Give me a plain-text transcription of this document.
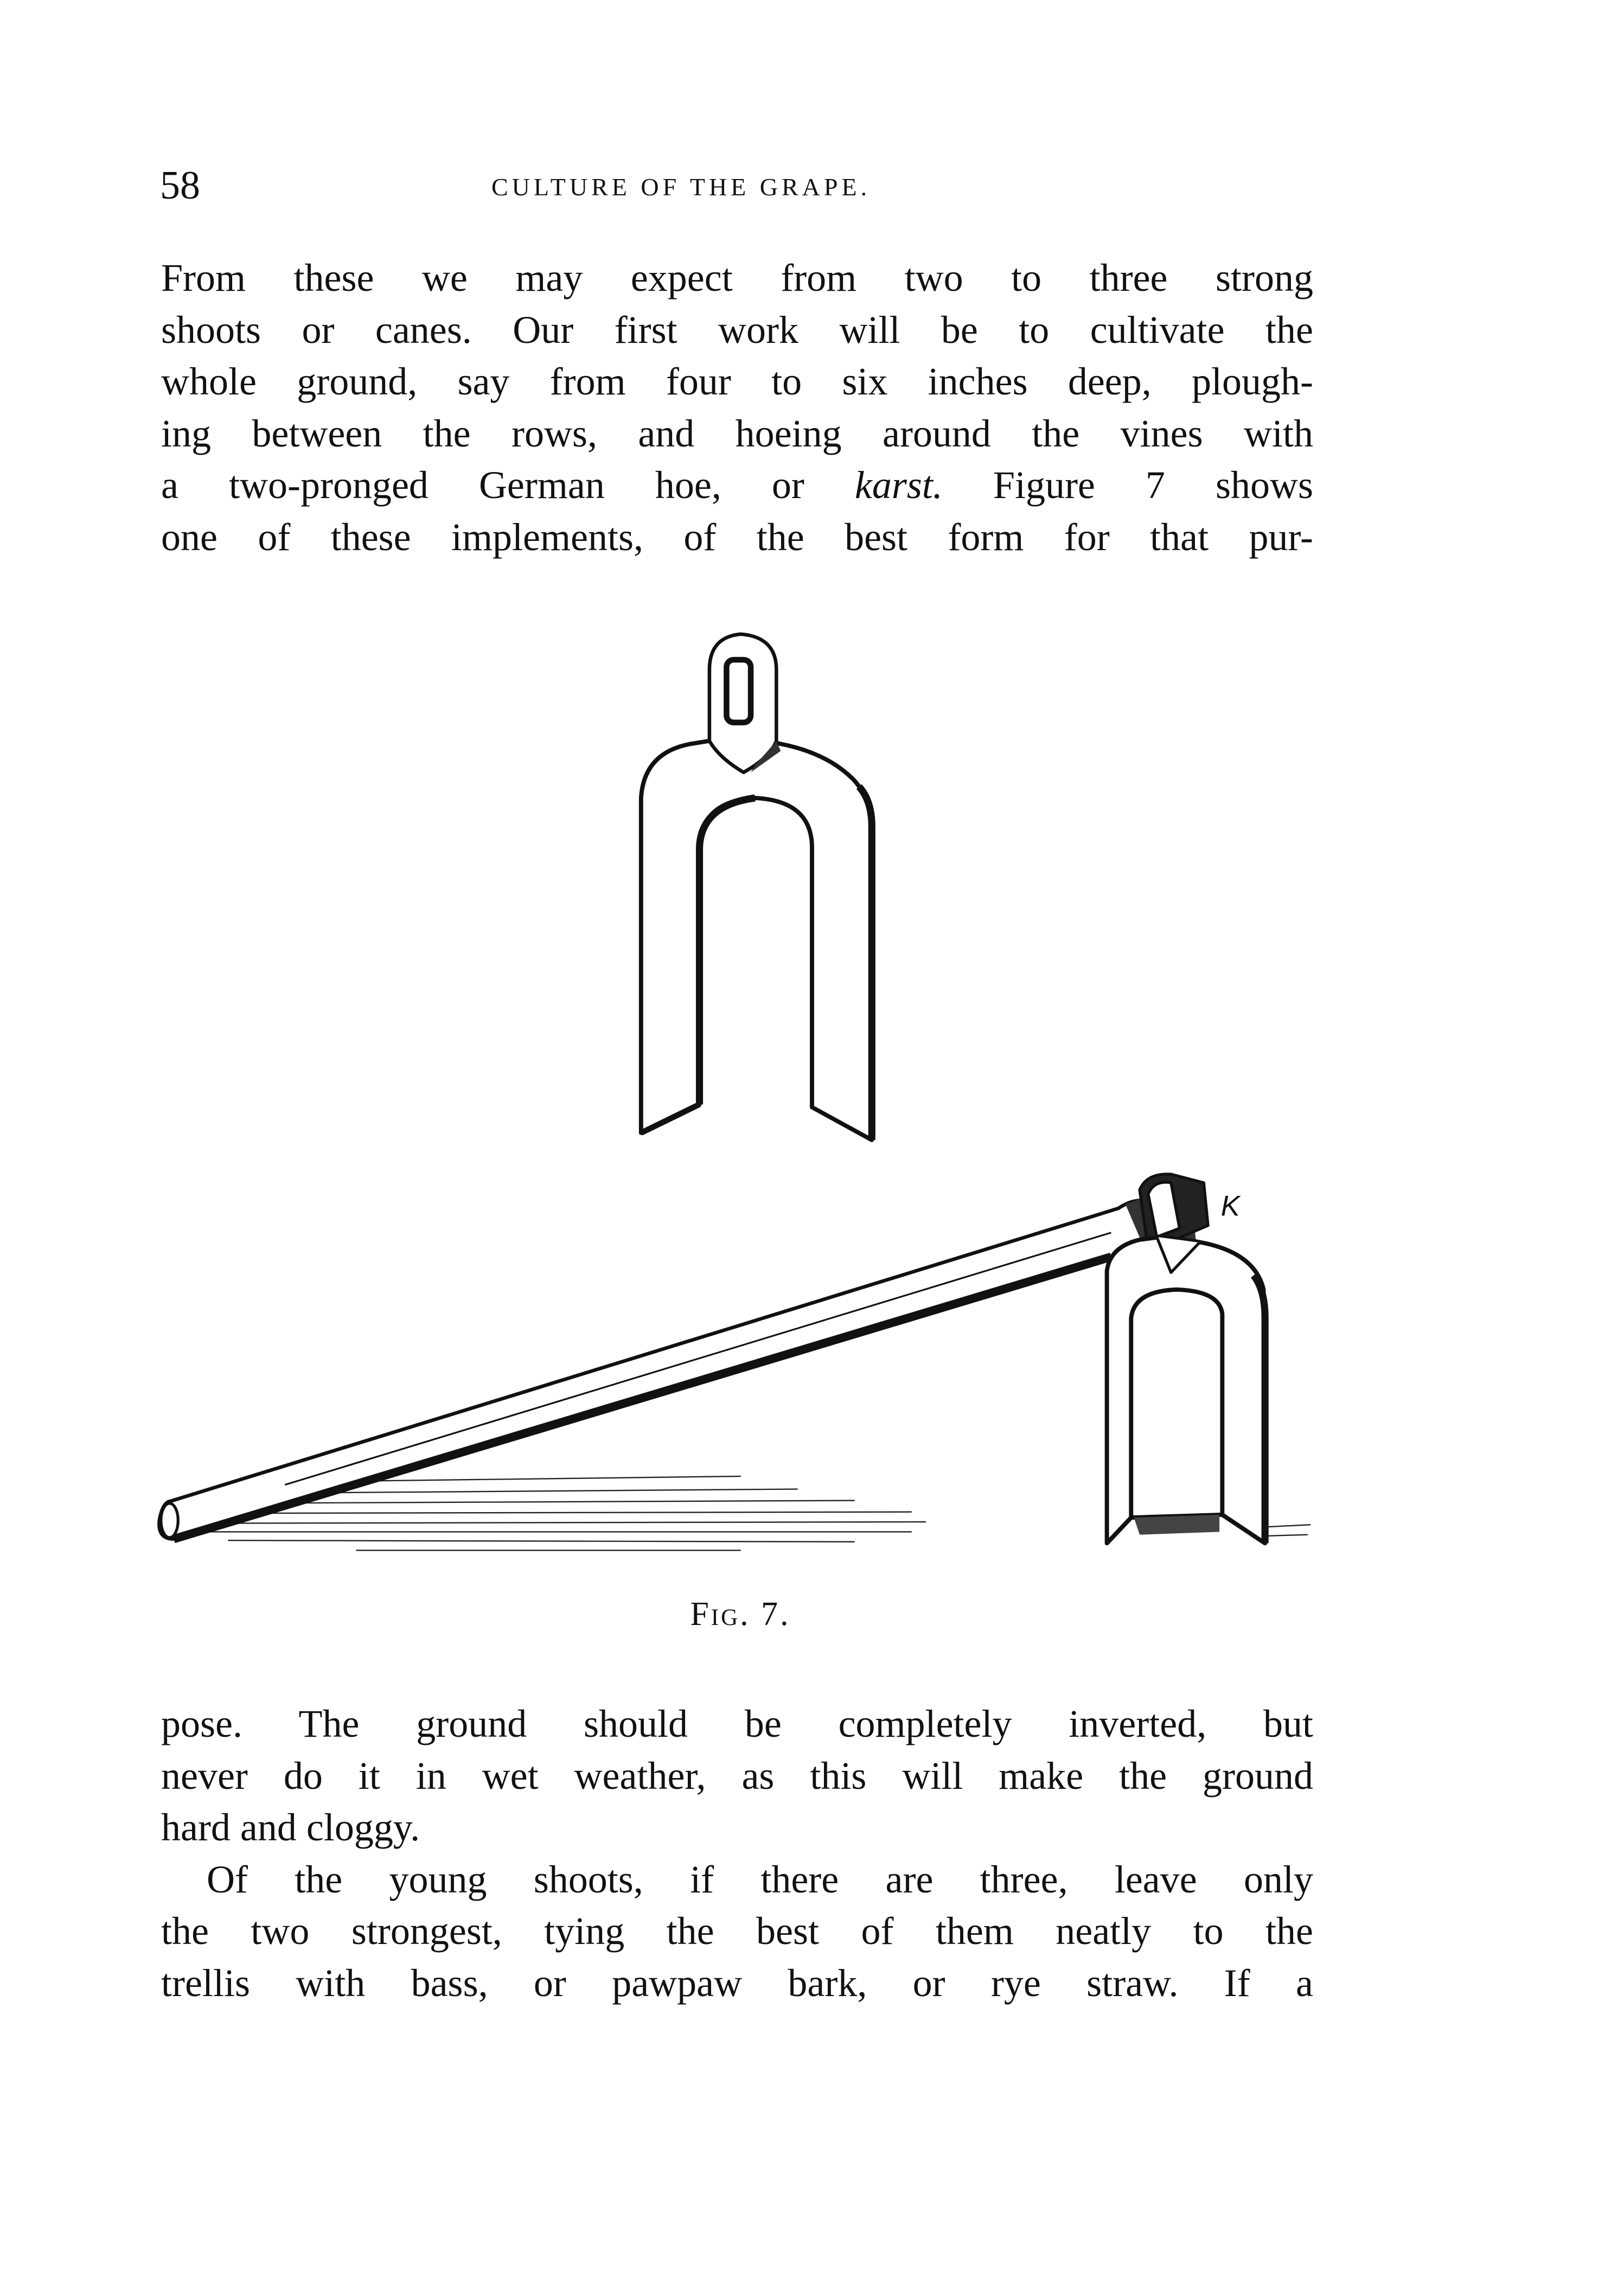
58	CULTURE OF THE GRAPE.
From these we may expect from two to three strong
shoots or canes. Our first work will be to cultivate the
whole ground, say from four to six inches deep, plough-
ing between the rows, and hoeing around the vines with
a two-pronged German hoe, or karst. Figure 7 shows
one of these implements, of the best form for that pur-
K
Fig. 7.
pose. The ground should be completely inverted, but
never do it in wet weather, as this will make the ground
hard and cloggy.
Of the young shoots, if there are three, leave only
the two strongest, tying the best of them neatly to the
trellis with bass, or pawpaw bark, or rye straw. If a
